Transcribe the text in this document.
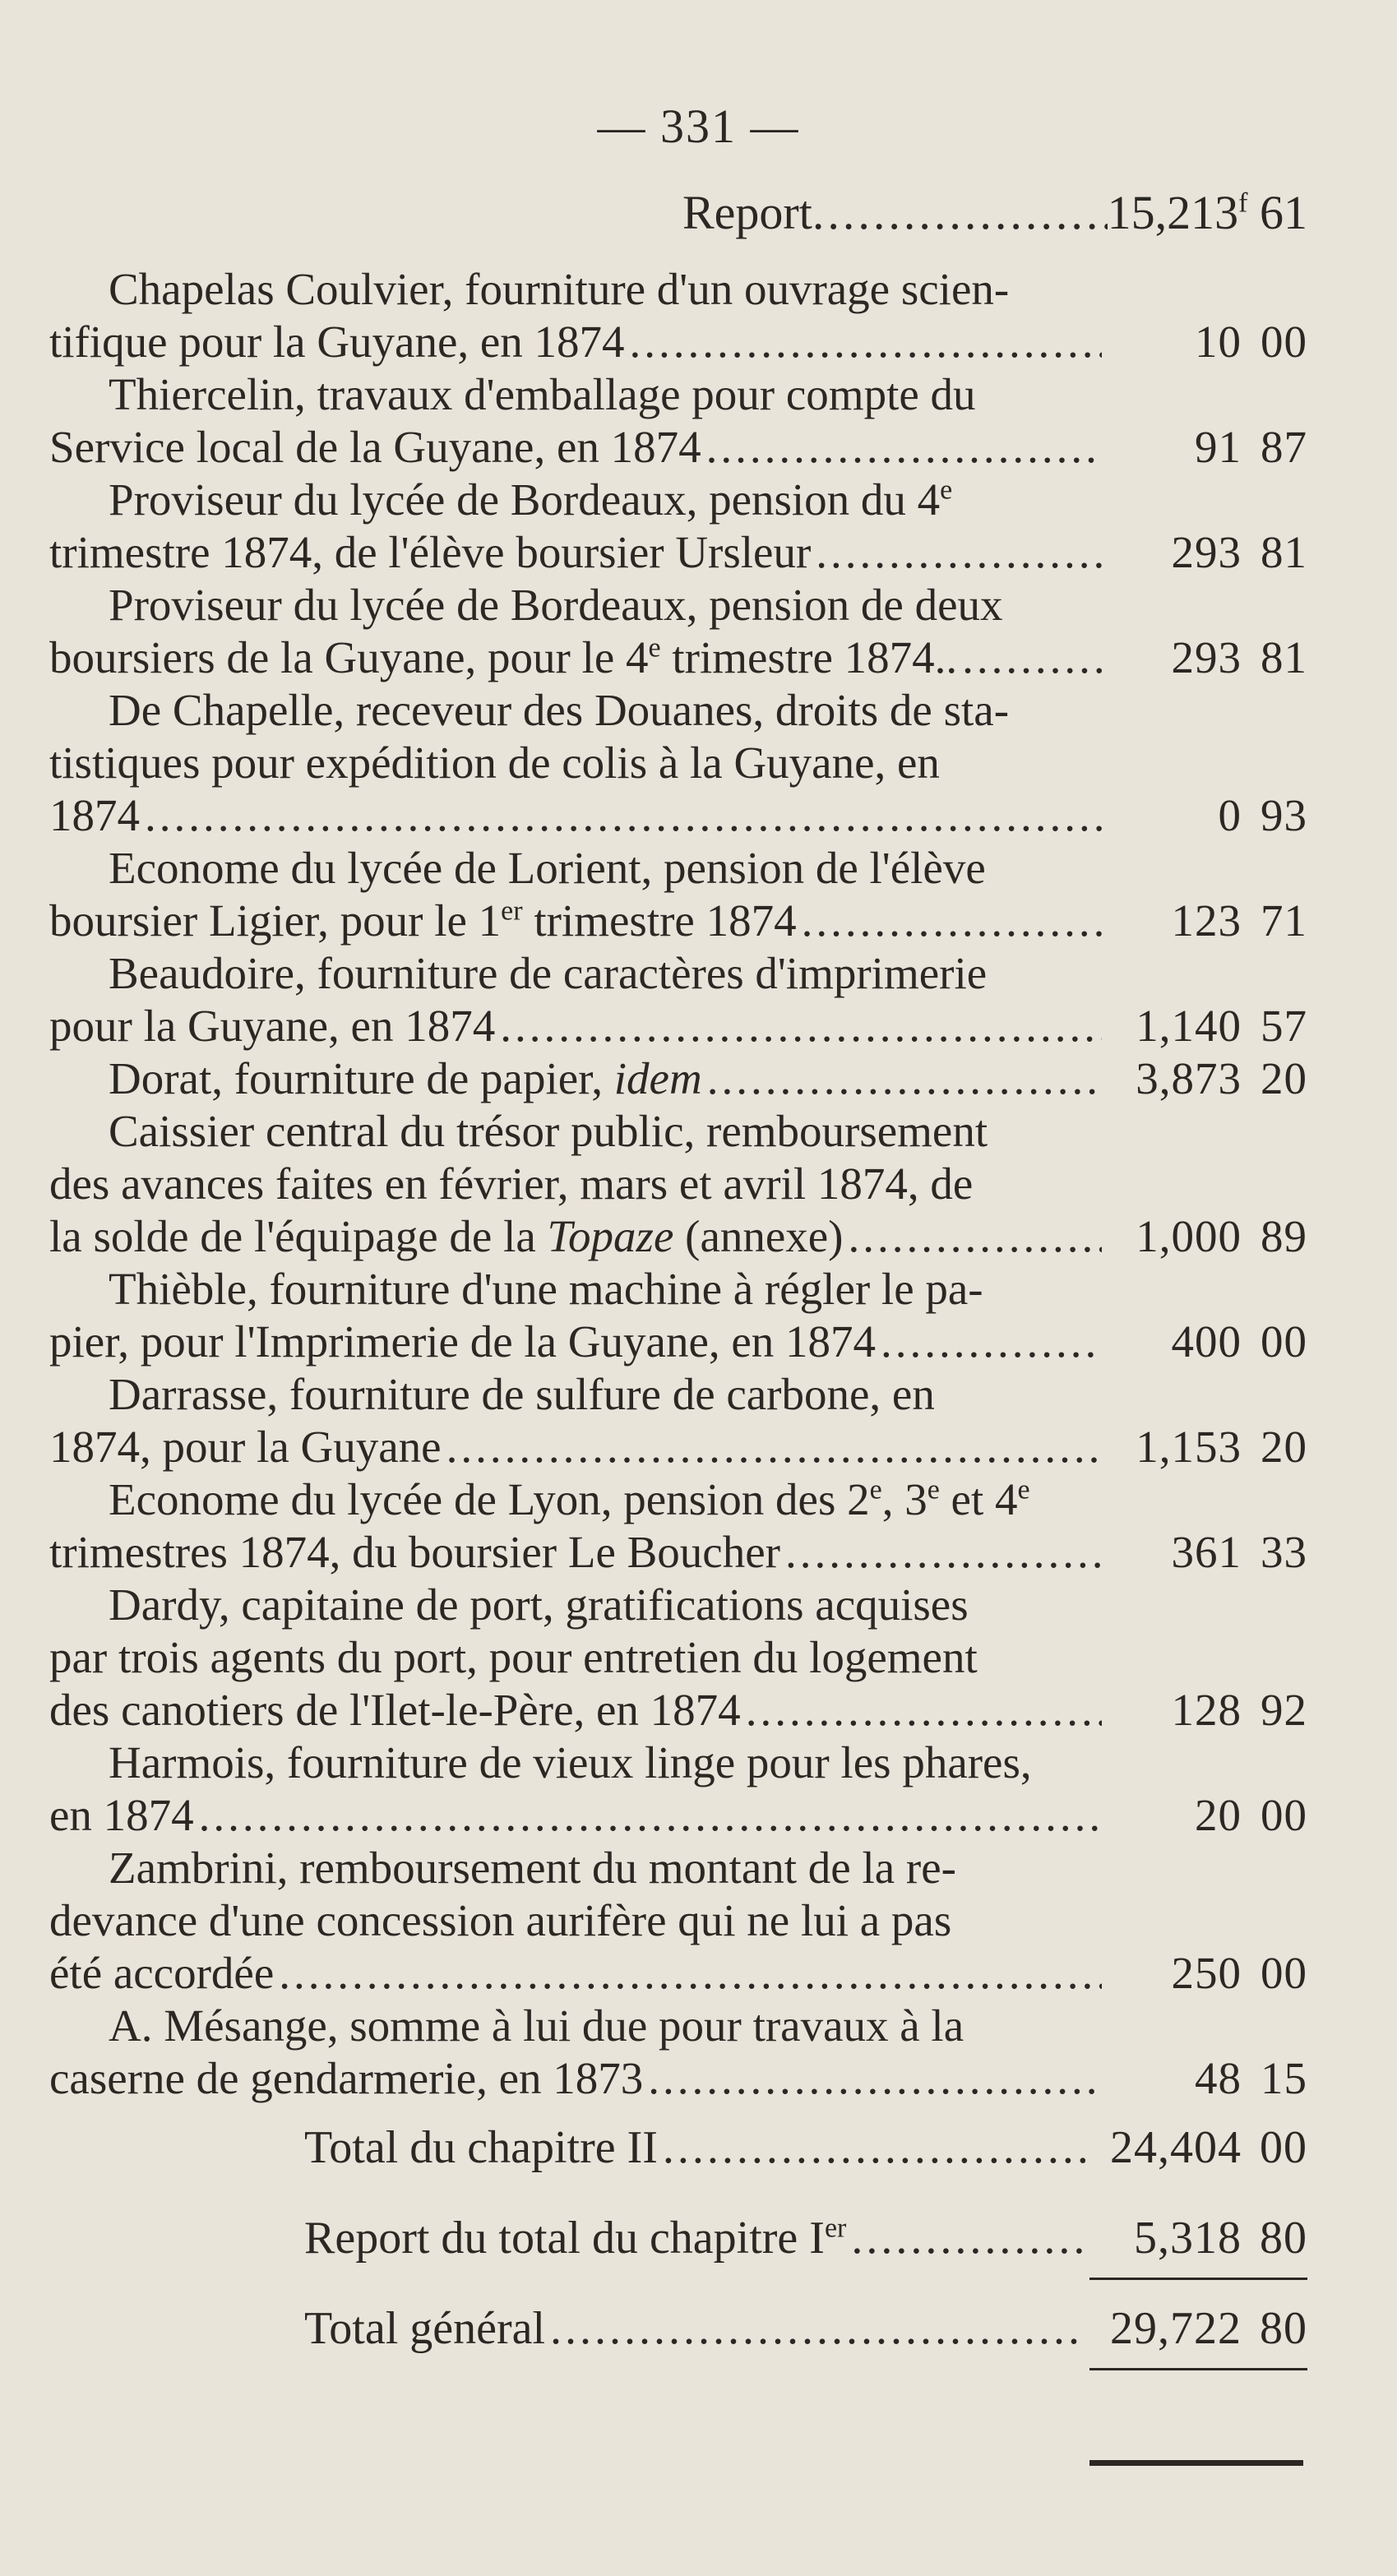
— 331 —
Report .....	15,213$^f$ 61
Chapelas Coulvier, fourniture d'un ouvrage scien-
tifique pour la Guyane, en 1874 .....	10 00
Thiercelin, travaux d'emballage pour compte du
Service local de la Guyane, en 1874 .....	91 87
Proviseur du lycée de Bordeaux, pension du 4e
trimestre 1874, de l'élève boursier Ursleur .....	293 81
Proviseur du lycée de Bordeaux, pension de deux
boursiers de la Guyane, pour le 4e trimestre 1874.. .....	293 81
De Chapelle, receveur des Douanes, droits de sta-
tistiques pour expédition de colis à la Guyane, en
1874 .....	0 93
Econome du lycée de Lorient, pension de l'élève
boursier Ligier, pour le 1er trimestre 1874 .....	123 71
Beaudoire, fourniture de caractères d'imprimerie
pour la Guyane, en 1874 .....	1,140 57
Dorat, fourniture de papier, idem .....	3,873 20
Caissier central du trésor public, remboursement
des avances faites en février, mars et avril 1874, de
la solde de l'équipage de la Topaze (annexe) .....	1,000 89
Thièble, fourniture d'une machine à régler le pa-
pier, pour l'Imprimerie de la Guyane, en 1874 .....	400 00
Darrasse, fourniture de sulfure de carbone, en
1874, pour la Guyane .....	1,153 20
Econome du lycée de Lyon, pension des 2e, 3e et 4e
trimestres 1874, du boursier Le Boucher .....	361 33
Dardy, capitaine de port, gratifications acquises
par trois agents du port, pour entretien du logement
des canotiers de l'Ilet-le-Père, en 1874 .....	128 92
Harmois, fourniture de vieux linge pour les phares,
en 1874 .....	20 00
Zambrini, remboursement du montant de la re-
devance d'une concession aurifère qui ne lui a pas
été accordée .....	250 00
A. Mésange, somme à lui due pour travaux à la
caserne de gendarmerie, en 1873 .....	48 15
Total du chapitre II .....	24,404 00
Report du total du chapitre Ier .....	5,318 80
Total général .....	29,722 80
